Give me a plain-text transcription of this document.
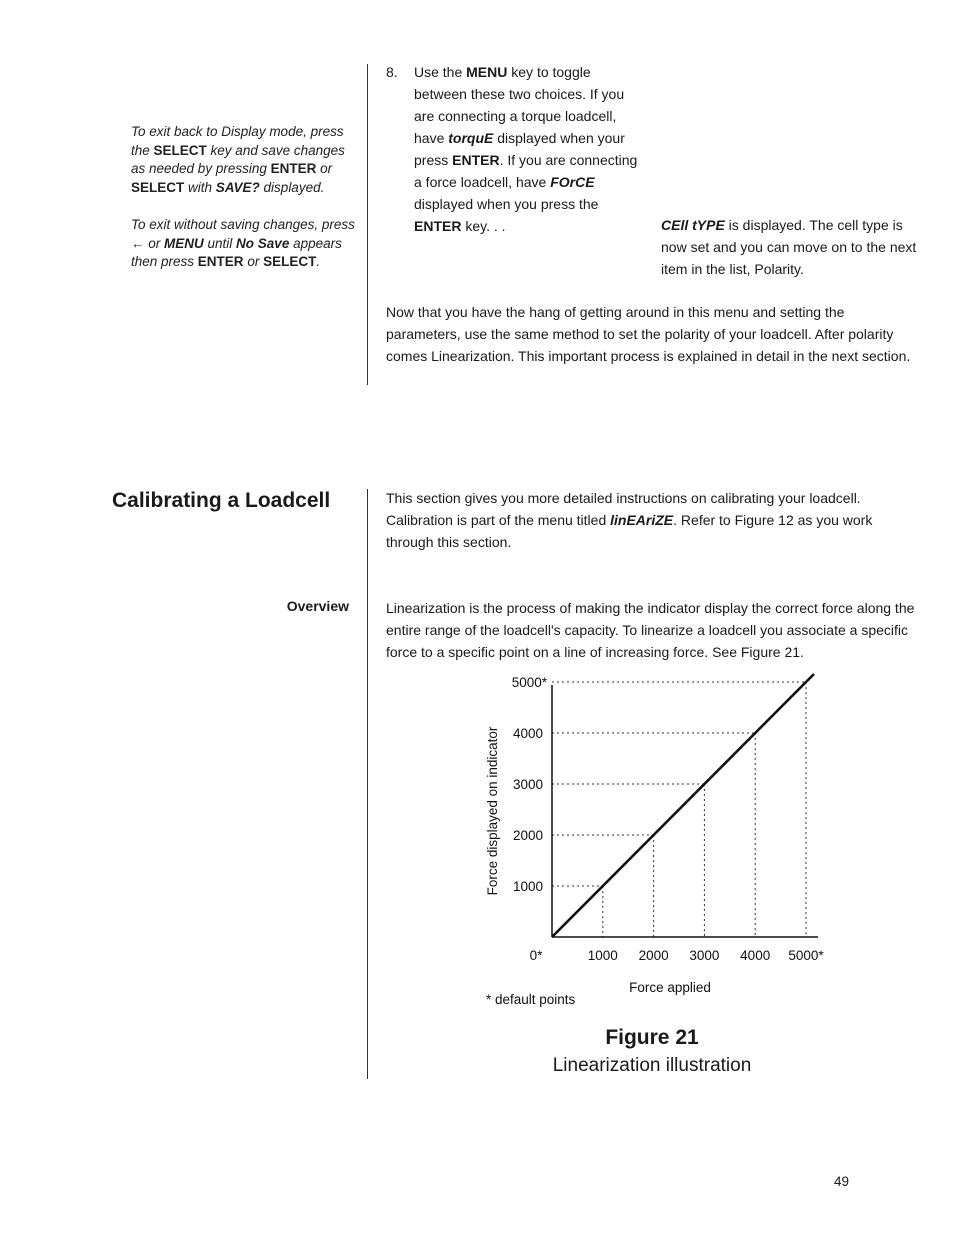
To exit back to Display mode, press the SELECT key and save changes as needed by pressing ENTER or SELECT with SAVE? displayed.
To exit without saving changes, press ← or MENU until No Save appears then press ENTER or SELECT.
8. Use the MENU key to toggle between these two choices. If you are connecting a torque loadcell, have torquE displayed when your press ENTER. If you are connecting a force loadcell, have FOrCE displayed when you press the ENTER key. . .	CEll tYPE is displayed. The cell type is now set and you can move on to the next item in the list, Polarity.
Now that you have the hang of getting around in this menu and setting the parameters, use the same method to set the polarity of your loadcell. After polarity comes Linearization. This important process is explained in detail in the next section.
Calibrating a Loadcell	This section gives you more detailed instructions on calibrating your loadcell. Calibration is part of the menu titled linEAriZE. Refer to Figure 12 as you work through this section.
Overview	Linearization is the process of making the indicator display the correct force along the entire range of the loadcell's capacity. To linearize a loadcell you associate a specific force to a specific point on a line of increasing force. See Figure 21.
1000
2000
3000
4000
5000*
0*	1000 2000 3000 4000 5000*
Force displayed on indicator
Force applied
* default points
Figure 21
Linearization illustration
49
